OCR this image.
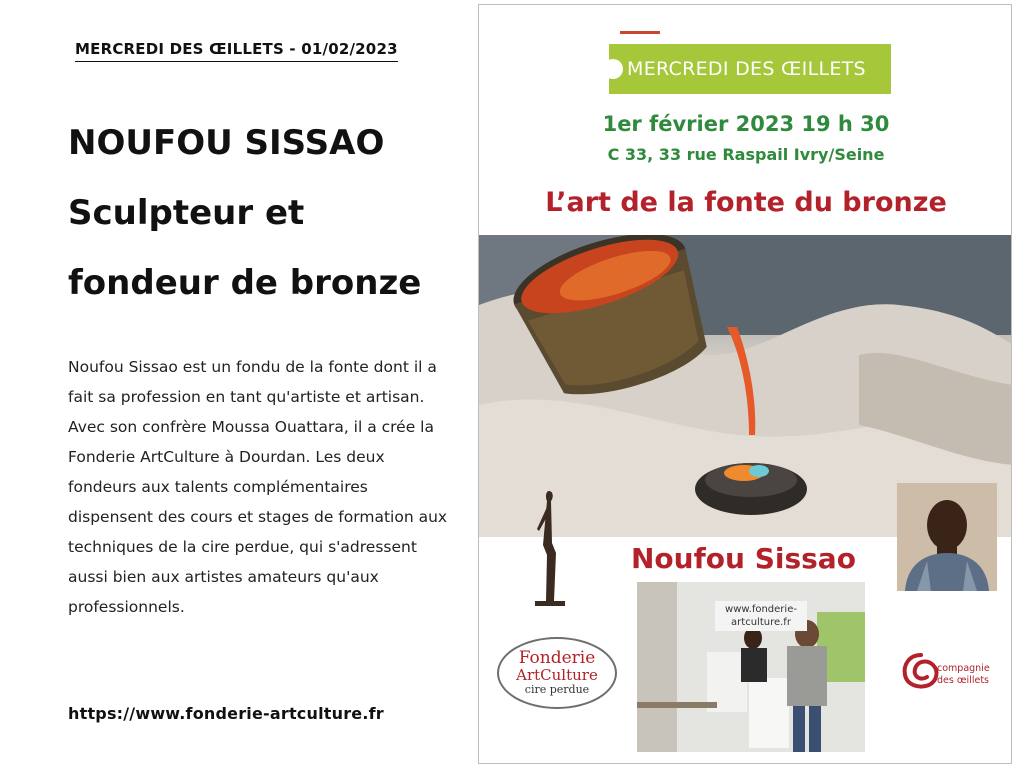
MERCREDI DES ŒILLETS - 01/02/2023
NOUFOU SISSAO
Sculpteur et
fondeur de bronze

Noufou Sissao est un fondu de la fonte dont il a fait sa profession en tant qu'artiste et artisan. Avec son confrère Moussa Ouattara, il a crée la Fonderie ArtCulture à Dourdan. Les deux fondeurs aux talents complémentaires dispensent des cours et stages de formation aux techniques de la cire perdue, qui s'adressent aussi bien aux artistes amateurs qu'aux professionnels.

https://www.fonderie-artculture.fr
MERCREDI DES ŒILLETS
1er février 2023 19 h 30
C 33, 33 rue Raspail Ivry/Seine
L’art de la fonte du bronze
Noufou Sissao
www.fonderie-artculture.fr
Fonderie
ArtCulture
cire perdue
compagnie
des œillets
